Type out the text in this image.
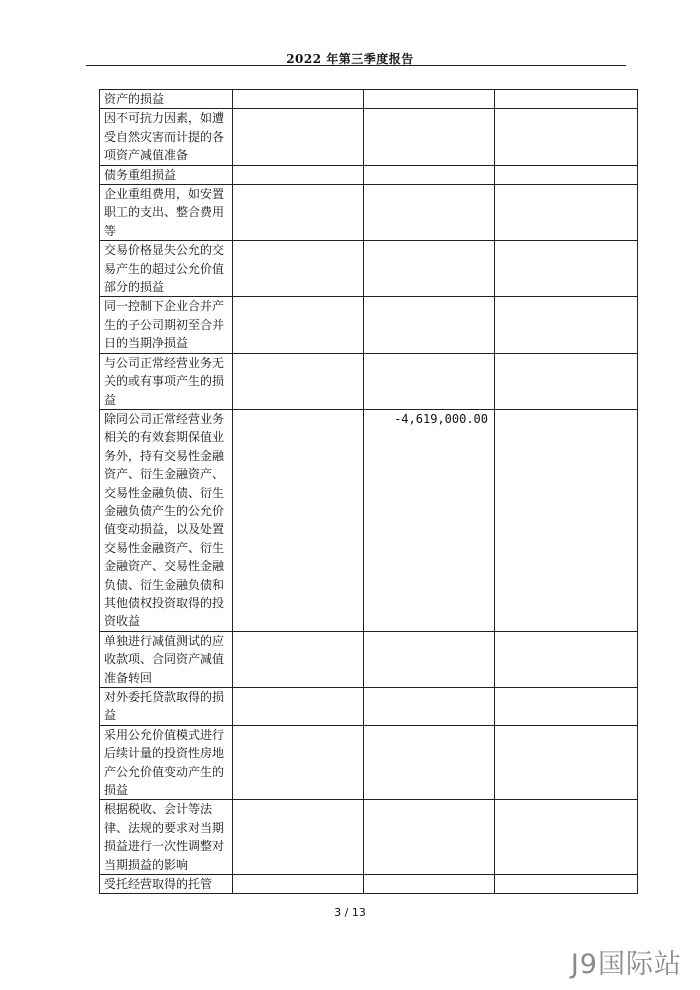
2022 年第三季度报告
资产的损益			
因不可抗力因素，如遭受自然灾害而计提的各项资产减值准备			
债务重组损益			
企业重组费用，如安置职工的支出、整合费用等			
交易价格显失公允的交易产生的超过公允价值部分的损益			
同一控制下企业合并产生的子公司期初至合并日的当期净损益			
与公司正常经营业务无关的或有事项产生的损益			
除同公司正常经营业务相关的有效套期保值业务外，持有交易性金融资产、衍生金融资产、交易性金融负债、衍生金融负债产生的公允价值变动损益，以及处置交易性金融资产、衍生金融资产、交易性金融负债、衍生金融负债和其他债权投资取得的投资收益		-4,619,000.00	
单独进行减值测试的应收款项、合同资产减值准备转回			
对外委托贷款取得的损益			
采用公允价值模式进行后续计量的投资性房地产公允价值变动产生的损益			
根据税收、会计等法律、法规的要求对当期损益进行一次性调整对当期损益的影响			
受托经营取得的托管			
3 / 13
J9国际站
